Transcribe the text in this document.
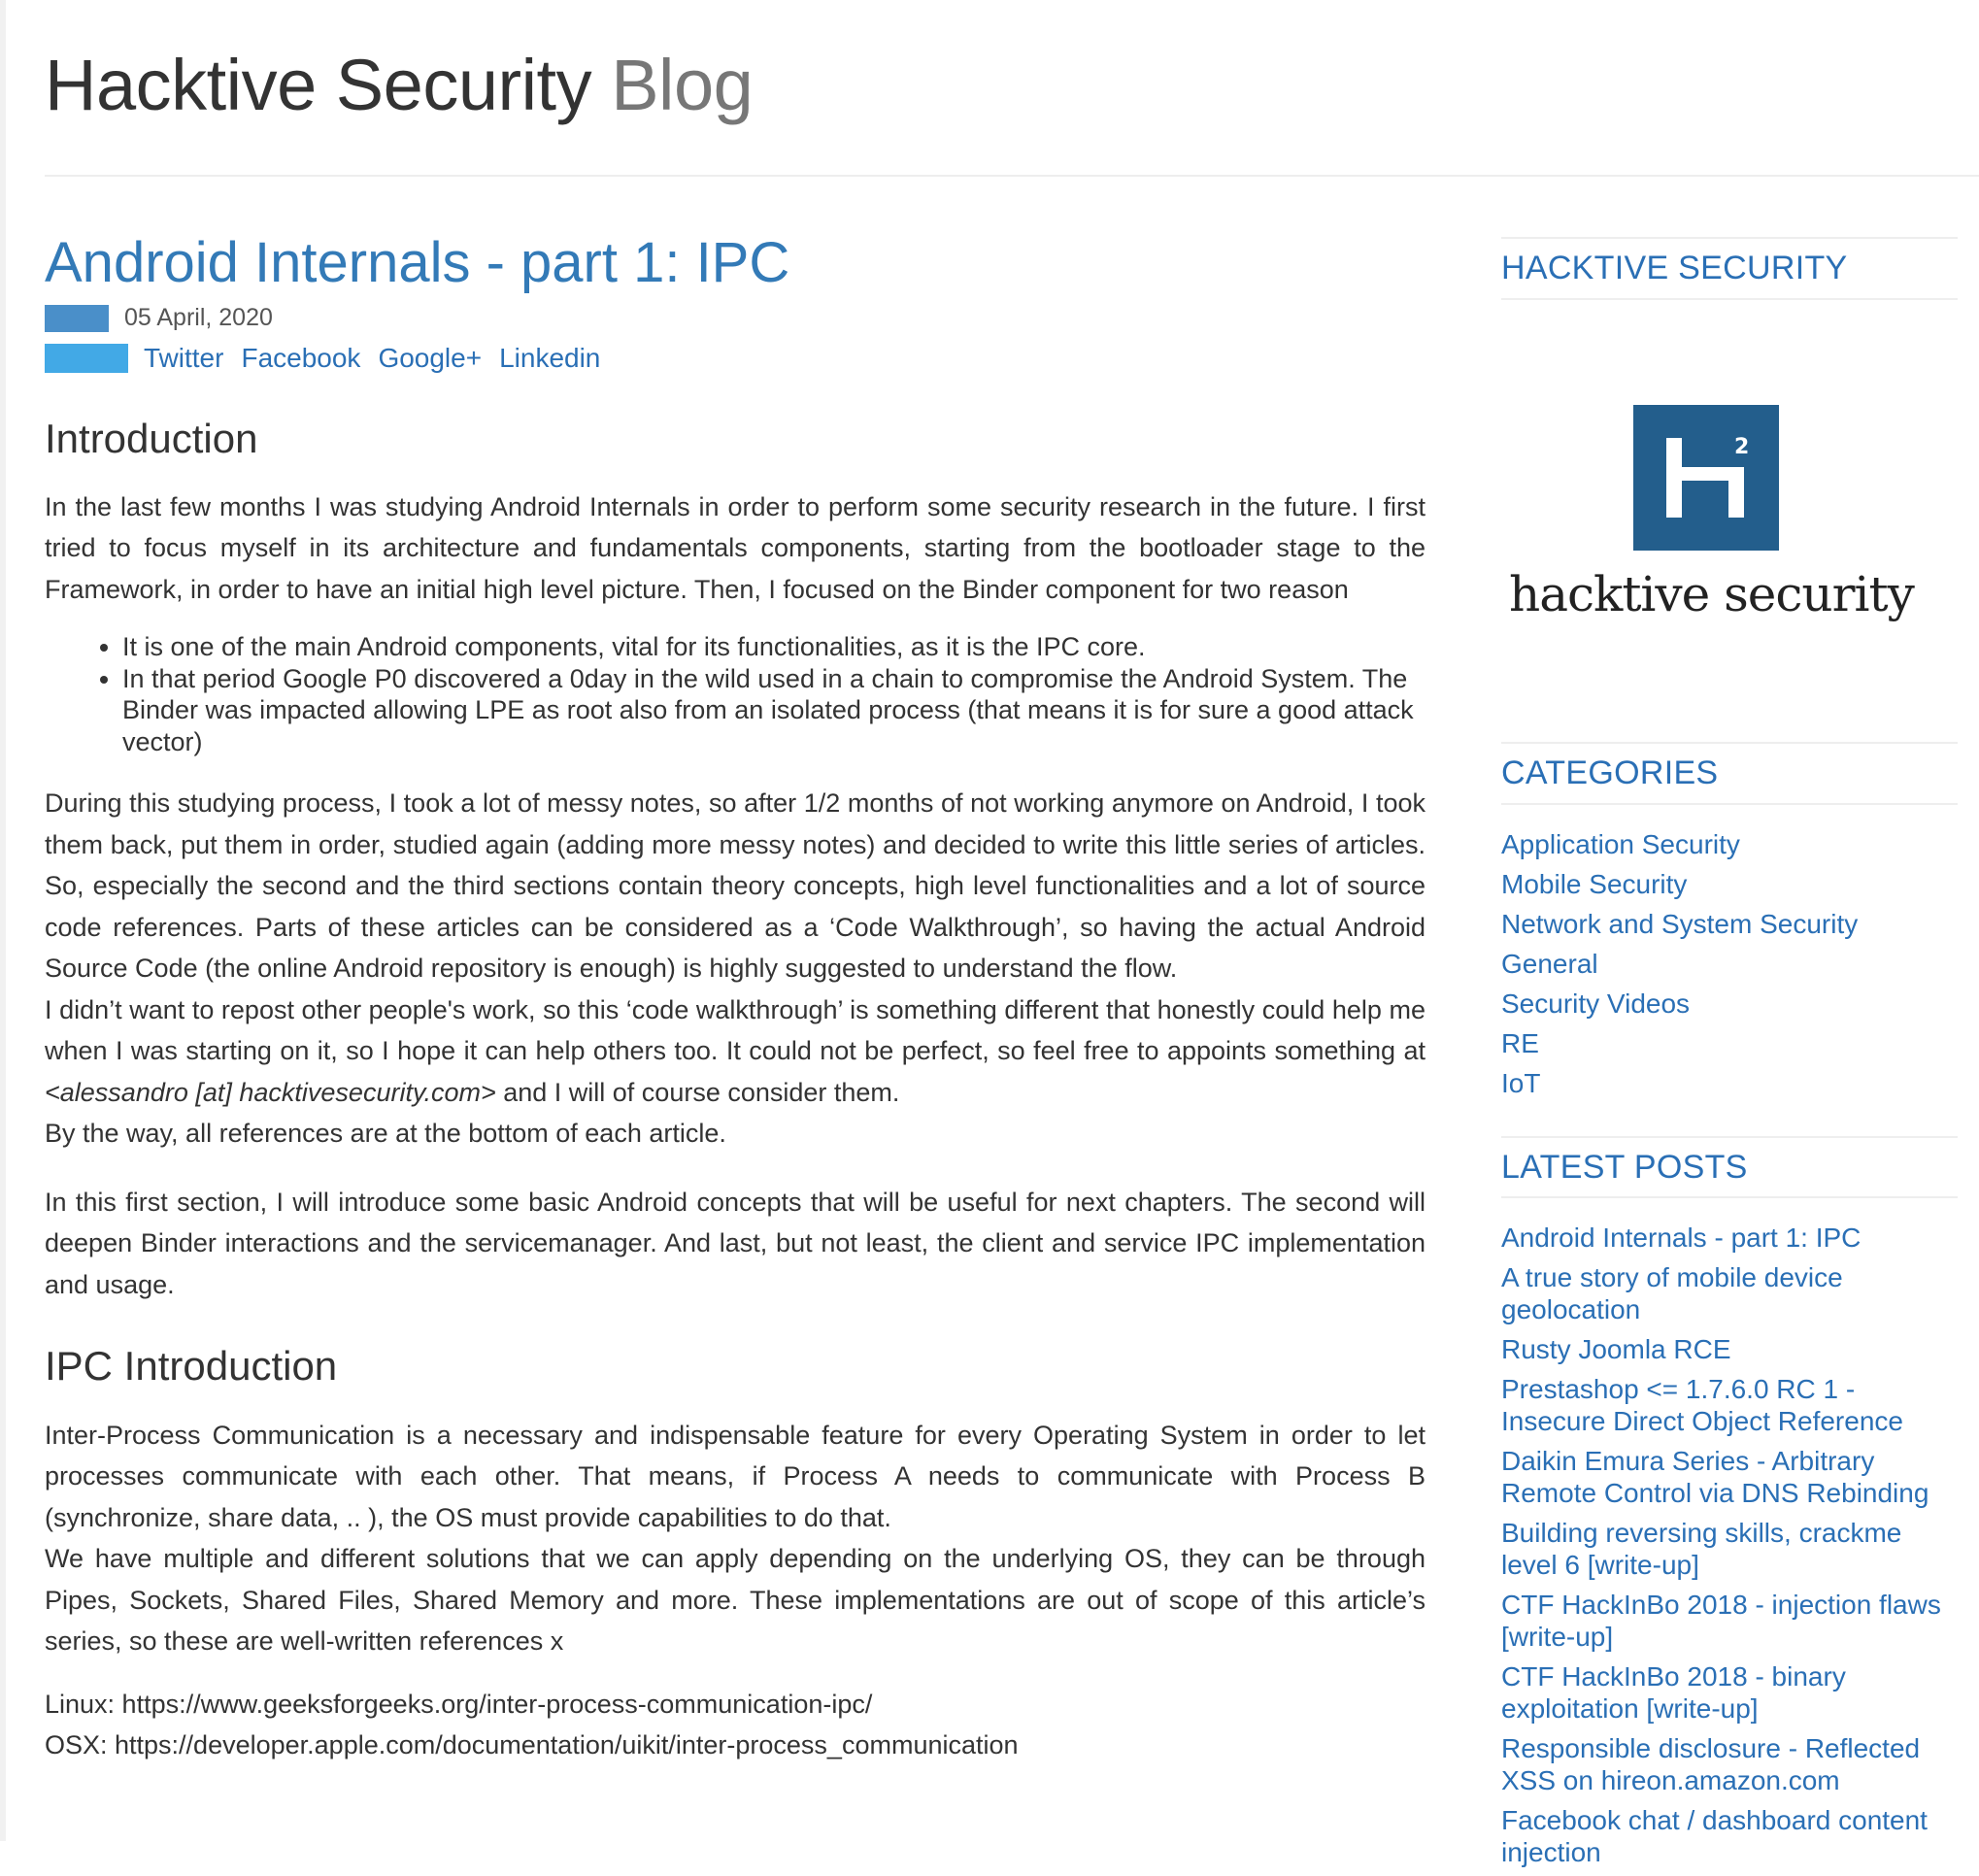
Hacktive Security Blog
Android Internals - part 1: IPC
05 April, 2020
Twitter Facebook Google+ Linkedin
Introduction

In the last few months I was studying Android Internals in order to perform some security research in the future. I first tried to focus myself in its architecture and fundamentals components, starting from the bootloader stage to the Framework, in order to have an initial high level picture. Then, I focused on the Binder component for two reason

• It is one of the main Android components, vital for its functionalities, as it is the IPC core.
• In that period Google P0 discovered a 0day in the wild used in a chain to compromise the Android System. The Binder was impacted allowing LPE as root also from an isolated process (that means it is for sure a good attack vector)

During this studying process, I took a lot of messy notes, so after 1/2 months of not working anymore on Android, I took them back, put them in order, studied again (adding more messy notes) and decided to write this little series of articles. So, especially the second and the third sections contain theory concepts, high level functionalities and a lot of source code references. Parts of these articles can be considered as a ‘Code Walkthrough’, so having the actual Android Source Code (the online Android repository is enough) is highly suggested to understand the flow.

I didn’t want to repost other people's work, so this ‘code walkthrough’ is something different that honestly could help me when I was starting on it, so I hope it can help others too. It could not be perfect, so feel free to appoints something at <alessandro [at] hacktivesecurity.com> and I will of course consider them.

By the way, all references are at the bottom of each article.

In this first section, I will introduce some basic Android concepts that will be useful for next chapters. The second will deepen Binder interactions and the servicemanager. And last, but not least, the client and service IPC implementation and usage.

IPC Introduction

Inter-Process Communication is a necessary and indispensable feature for every Operating System in order to let processes communicate with each other. That means, if Process A needs to communicate with Process B (synchronize, share data, .. ), the OS must provide capabilities to do that.

We have multiple and different solutions that we can apply depending on the underlying OS, they can be through Pipes, Sockets, Shared Files, Shared Memory and more. These implementations are out of scope of this article’s series, so these are well-written references x

Linux: https://www.geeksforgeeks.org/inter-process-communication-ipc/
OSX: https://developer.apple.com/documentation/uikit/inter-process_communication
HACKTIVE SECURITY
2
hacktive security
CATEGORIES
Application Security
Mobile Security
Network and System Security
General
Security Videos
RE
IoT
LATEST POSTS
Android Internals - part 1: IPC
A true story of mobile device geolocation
Rusty Joomla RCE
Prestashop <= 1.7.6.0 RC 1 - Insecure Direct Object Reference
Daikin Emura Series - Arbitrary Remote Control via DNS Rebinding
Building reversing skills, crackme level 6 [write-up]
CTF HackInBo 2018 - injection flaws [write-up]
CTF HackInBo 2018 - binary exploitation [write-up]
Responsible disclosure - Reflected XSS on hireon.amazon.com
Facebook chat / dashboard content injection
